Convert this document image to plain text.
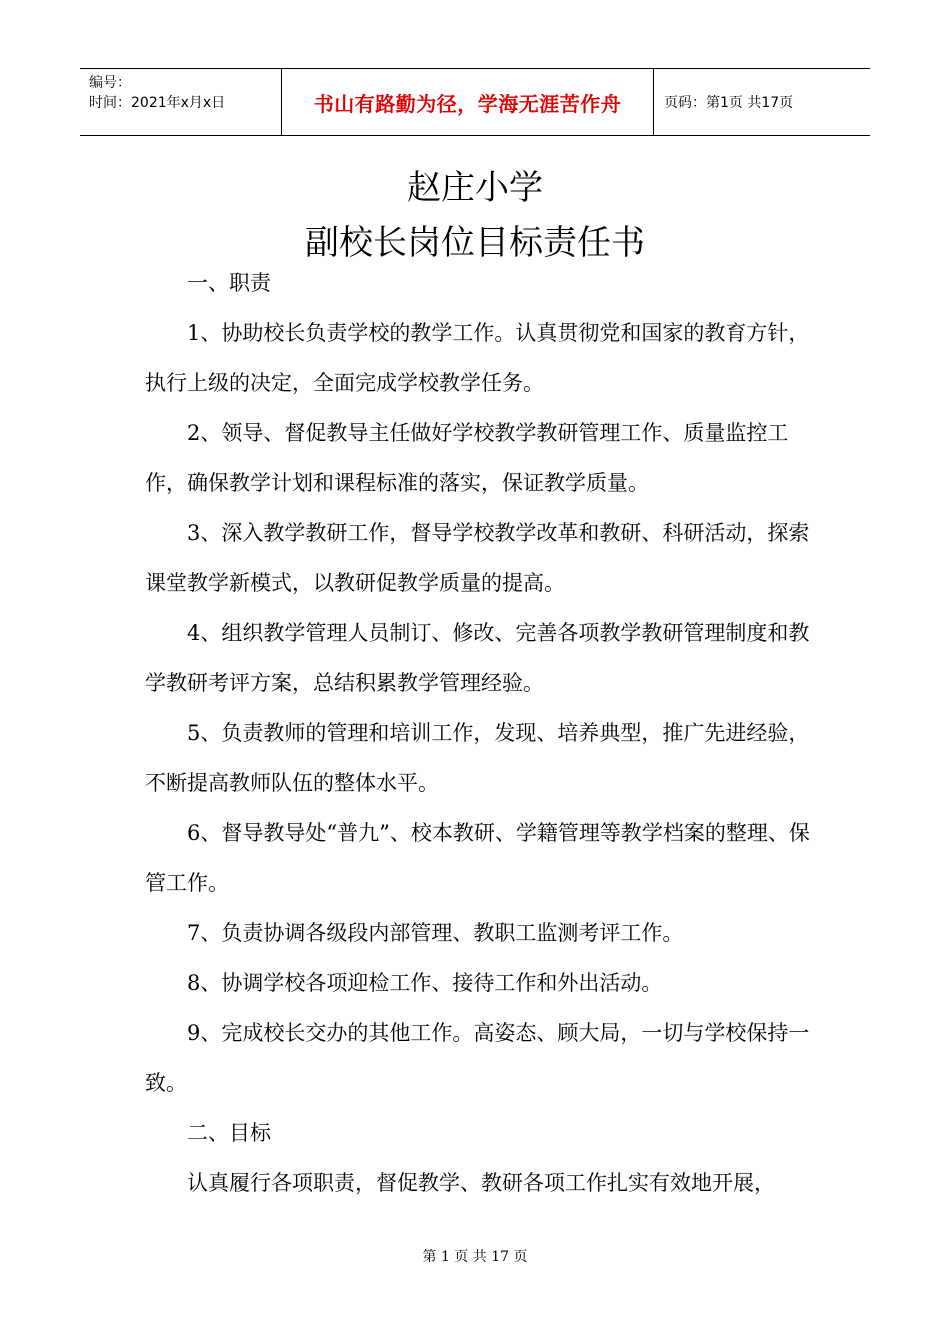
编号：
时间：2021年x月x日	书山有路勤为径，学海无涯苦作舟	页码：第1页 共17页
赵庄小学
副校长岗位目标责任书

一、职责

1、协助校长负责学校的教学工作。认真贯彻党和国家的教育方针，执行上级的决定，全面完成学校教学任务。

2、领导、督促教导主任做好学校教学教研管理工作、质量监控工作，确保教学计划和课程标准的落实，保证教学质量。

3、深入教学教研工作，督导学校教学改革和教研、科研活动，探索课堂教学新模式，以教研促教学质量的提高。

4、组织教学管理人员制订、修改、完善各项教学教研管理制度和教学教研考评方案，总结积累教学管理经验。

5、负责教师的管理和培训工作，发现、培养典型，推广先进经验，不断提高教师队伍的整体水平。

6、督导教导处“普九”、校本教研、学籍管理等教学档案的整理、保管工作。

7、负责协调各级段内部管理、教职工监测考评工作。

8、协调学校各项迎检工作、接待工作和外出活动。

9、完成校长交办的其他工作。高姿态、顾大局，一切与学校保持一致。

二、目标

认真履行各项职责，督促教学、教研各项工作扎实有效地开展，

第 1 页 共 17 页
